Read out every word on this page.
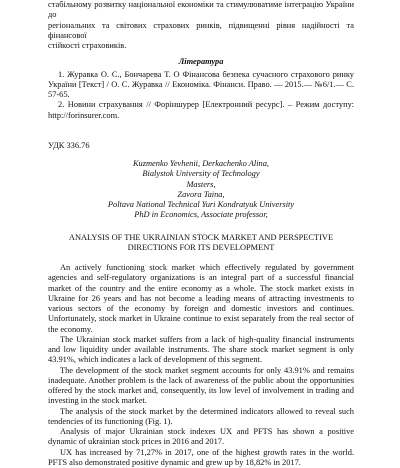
стабільному розвитку національної економіки та стимулюватиме інтеграцію України до

регіональних та світових страхових ринків, підвищенні рівня надійності та фінансової

стійкості страховиків.

Література

1. Журавка О. С., Бончарева Т. О Фінансова безпека сучасного страхового ринку України [Текст] / О. С. Журавка // Економіка. Фінанси. Право. — 2015.— №6/1.— С. 57-65.

2. Новини страхування // Форіншурер [Електронний ресурс]. – Режим доступу: http://forinsurer.com.

УДК 336.76

Kuzmenko Yevhenii, Derkachenko Alina,

Bialystok University of Technology

Masters,

Zavora Taina,

Poltava National Technical Yuri Kondratyuk University

PhD in Economics, Associate professor,

ANALYSIS OF THE UKRAINIAN STOCK MARKET AND PERSPECTIVE DIRECTIONS FOR ITS DEVELOPMENT

An actively functioning stock market which effectively regulated by government agencies and self-regulatory organizations is an integral part of a successful financial market of the country and the entire economy as a whole. The stock market exists in Ukraine for 26 years and has not become a leading means of attracting investments to various sectors of the economy by foreign and domestic investors and continues. Unfortunately, stock market in Ukraine continue to exist separately from the real sector of the economy.

The Ukrainian stock market suffers from a lack of high-quality financial instruments and low liquidity under available instruments. The share stock market segment is only 43.91%, which indicates a lack of development of this segment.

The development of the stock market segment accounts for only 43.91% and remains inadequate. Another problem is the lack of awareness of the public about the opportunities offered by the stock market and, consequently, its low level of involvement in trading and investing in the stock market.

The analysis of the stock market by the determined indicators allowed to reveal such tendencies of its functioning (Fig. 1).

Analysis of major Ukrainian stock indexes UX and PFTS has shown a positive dynamic of ukrainian stock prices in 2016 and 2017.

UX has increased by 71,27% in 2017, one of the highest growth rates in the world. PFTS also demonstrated positive dynamic and grew up by 18,82% in 2017.
